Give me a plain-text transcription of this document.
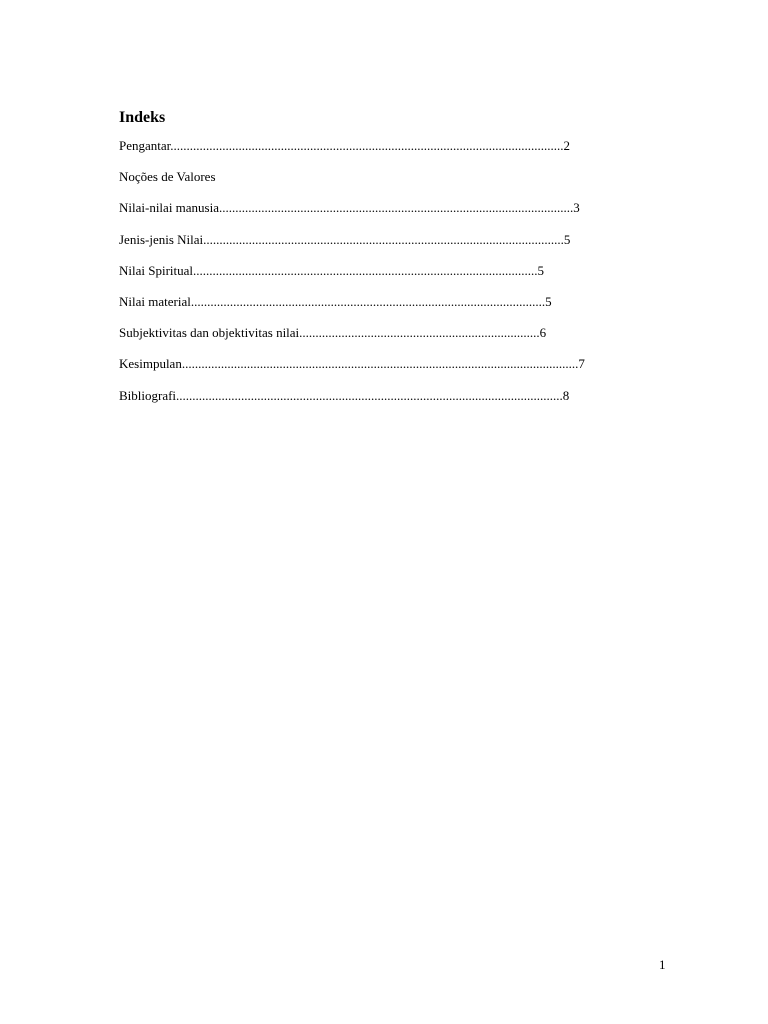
Indeks
Pengantar.........................................................................................................................2
Noções de Valores
Nilai-nilai manusia.............................................................................................................3
Jenis-jenis Nilai...............................................................................................................5
Nilai Spiritual..........................................................................................................5
Nilai material.............................................................................................................5
Subjektivitas dan objektivitas nilai..........................................................................6
Kesimpulan..........................................................................................................................7
Bibliografi.......................................................................................................................8
1
